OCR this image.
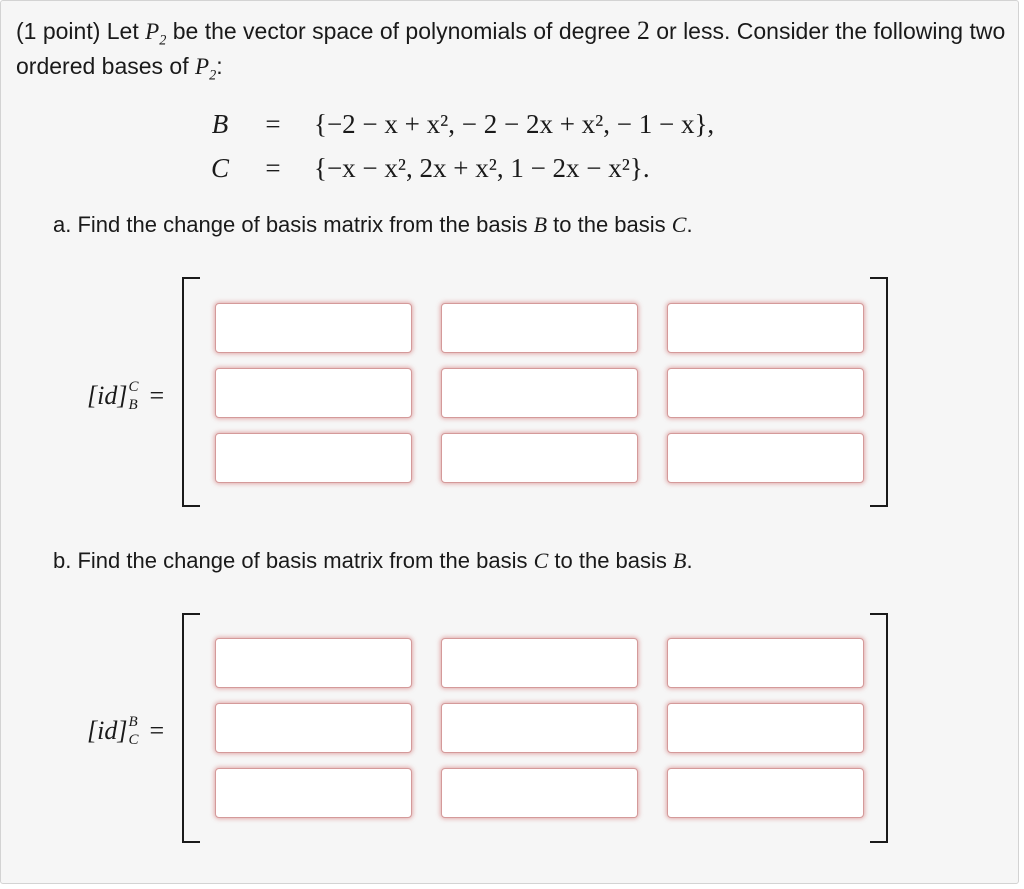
(1 point) Let $P_2$ be the vector space of polynomials of degree 2 or less. Consider the following two ordered bases of $P_2$:
B	= {−2 − x + x², − 2 − 2x + x², − 1 − x},
C = {−x − x², 2x + x², 1 − 2x − x²}.
a. Find the change of basis matrix from the basis B to the basis C.
[id] C
B =
b. Find the change of basis matrix from the basis C to the basis B.
[id] B
C =
